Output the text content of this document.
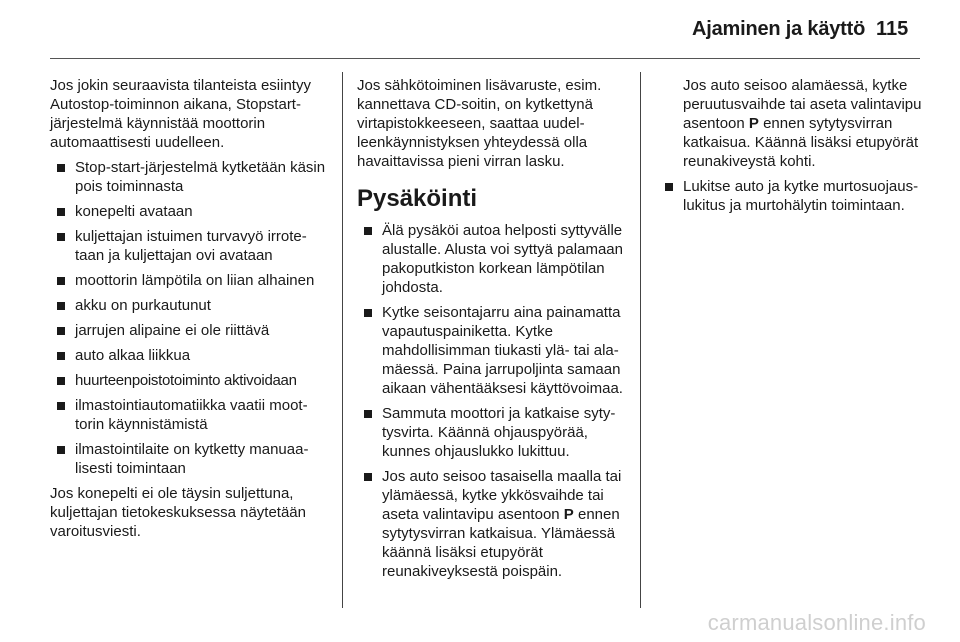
Ajaminen ja käyttö 115

Jos jokin seuraavista tilanteista esiintyy Autostop-toiminnon aikana, Stopstart-järjestelmä käynnistää moottorin automaattisesti uudelleen.

Stop-start-järjestelmä kytketään käsin pois toiminnasta
konepelti avataan
kuljettajan istuimen turvavyö irrotetaan ja kuljettajan ovi avataan
moottorin lämpötila on liian alhainen
akku on purkautunut
jarrujen alipaine ei ole riittävä
auto alkaa liikkua
huurteenpoistotoiminto aktivoidaan
ilmastointiautomatiikka vaatii moottorin käynnistämistä
ilmastointilaite on kytketty manuaalisesti toimintaan

Jos konepelti ei ole täysin suljettuna, kuljettajan tietokeskuksessa näytetään varoitusviesti.

Jos sähkötoiminen lisävaruste, esim. kannettava CD-soitin, on kytkettynä virtapistokkeeseen, saattaa uudelleenkäynnistyksen yhteydessä olla havaittavissa pieni virran lasku.

Pysäköinti
Älä pysäköi autoa helposti syttyvälle alustalle. Alusta voi syttyä palamaan pakoputkiston korkean lämpötilan johdosta.
Kytke seisontajarru aina painamatta vapautuspainiketta. Kytke mahdollisimman tiukasti ylä- tai alamäessä. Paina jarrupoljinta samaan aikaan vähentääksesi käyttövoimaa.
Sammuta moottori ja katkaise sytytysvirta. Käännä ohjauspyörää, kunnes ohjauslukko lukittuu.
Jos auto seisoo tasaisella maalla tai ylämäessä, kytke ykkösvaihde tai aseta valintavipu asentoon P ennen sytytysvirran katkaisua. Ylämäessä käännä lisäksi etupyörät reunakiveyksestä poispäin.
Jos auto seisoo alamäessä, kytke peruutusvaihde tai aseta valintavipu asentoon P ennen sytytysvirran katkaisua. Käännä lisäksi etupyörät reunakiveystä kohti.
Lukitse auto ja kytke murtosuojauslukitus ja murtohälytin toimintaan.
carmanualsonline.info
